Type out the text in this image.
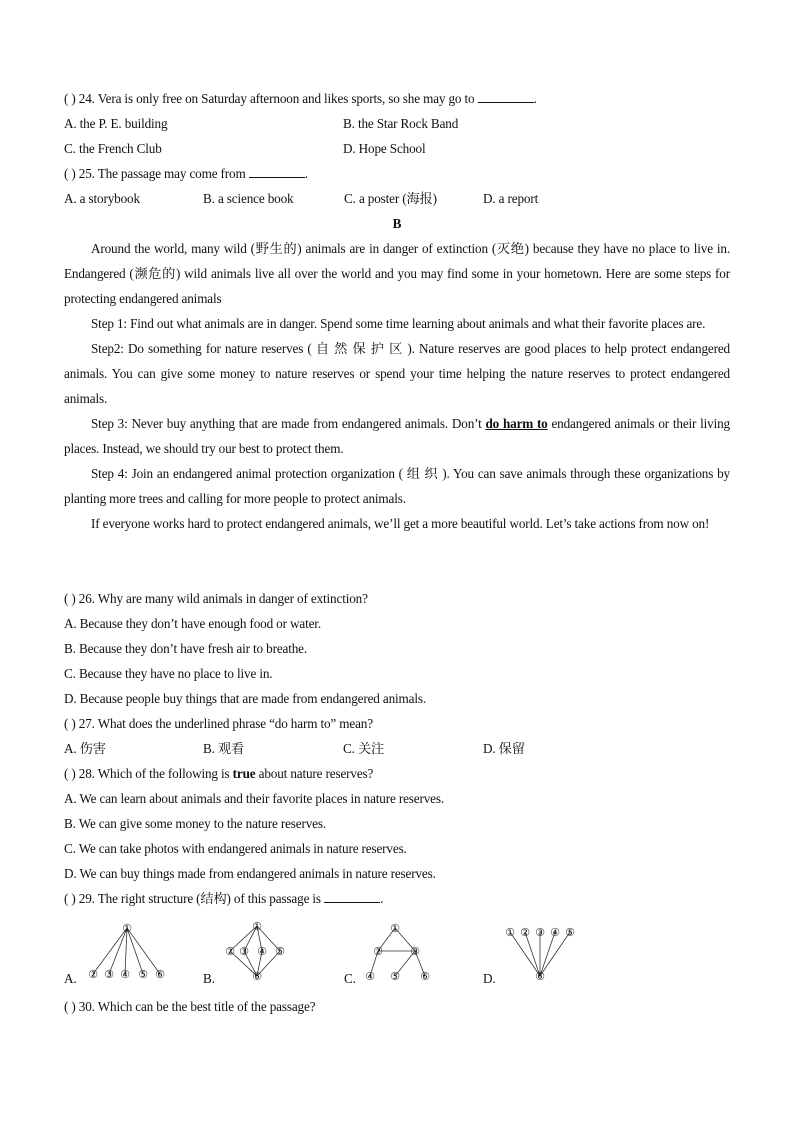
( ) 24. Vera is only free on Saturday afternoon and likes sports, so she may go to	.
A. the P. E. building	B. the Star Rock Band
C. the French Club	D. Hope School
( ) 25. The passage may come from	.
A. a storybook	B. a science book	C. a poster (海报)	D. a report
B

Around the world, many wild (野生的) animals are in danger of extinction (灭绝) because they have no place to live in. Endangered (濒危的) wild animals live all over the world and you may find some in your hometown. Here are some steps for protecting endangered animals

Step 1: Find out what animals are in danger. Spend some time learning about animals and what their favorite places are.

Step2: Do something for nature reserves ( 自 然 保 护 区 ). Nature reserves are good places to help protect endangered animals. You can give some money to nature reserves or spend your time helping the nature reserves to protect endangered animals.

Step 3: Never buy anything that are made from endangered animals. Don’t do harm to endangered animals or their living places. Instead, we should try our best to protect them.

Step 4: Join an endangered animal protection organization ( 组 织 ). You can save animals through these organizations by planting more trees and calling for more people to protect animals.

If everyone works hard to protect endangered animals, we’ll get a more beautiful world. Let’s take actions from now on!

( ) 26. Why are many wild animals in danger of extinction?
A. Because they don’t have enough food or water.
B. Because they don’t have fresh air to breathe.
C. Because they have no place to live in.
D. Because people buy things that are made from endangered animals.
( ) 27. What does the underlined phrase “do harm to” mean?
A. 伤害	B. 观看	C. 关注	D. 保留
( ) 28. Which of the following is true about nature reserves?
A. We can learn about animals and their favorite places in nature reserves.
B. We can give some money to the nature reserves.
C. We can take photos with endangered animals in nature reserves.
D. We can buy things made from endangered animals in nature reserves.
( ) 29. The right structure (结构) of this passage is	.
A.	B.	C.	D.
①
② ③ ④ ⑤ ⑥
①
② ③ ④ ⑤
⑥
①
② ③
④ ⑤ ⑥
① ② ③ ④ ⑤
⑥
( ) 30. Which can be the best title of the passage?
